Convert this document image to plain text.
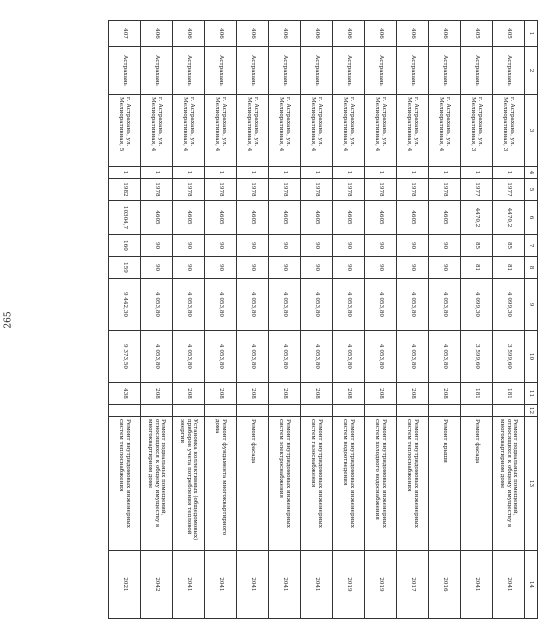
265
1	2	3	4	5	6	7	8	9	10	11	12	13	14
405	Астрахань	г. Астрахань, ул. Мелиоративная, 3	1	1977	4470,2	85	81	4 099,30	3 599,60	181		Ремонт подвальных помещений, относящихся к общему имуществу в многоквартирном доме	2041
405	Астрахань	г. Астрахань, ул. Мелиоративная, 3	1	1977	4470,2	85	81	4 099,30	3 599,60	181		Ремонт фасада	2041
406	Астрахань	г. Астрахань, ул. Мелиоративная, 4	1	1978	4605	90	90	4 053,80	4 053,80	208		Ремонт крыши	2016
406	Астрахань	г. Астрахань, ул. Мелиоративная, 4	1	1978	4605	90	90	4 053,80	4 053,80	208		Ремонт внутридомовых инженерных систем теплоснабжения	2017
406	Астрахань	г. Астрахань, ул. Мелиоративная, 4	1	1978	4605	90	90	4 053,80	4 053,80	208		Ремонт внутридомовых инженерных систем холодного водоснабжения	2019
406	Астрахань	г. Астрахань, ул. Мелиоративная, 4	1	1978	4605	90	90	4 053,80	4 053,80	208		Ремонт внутридомовых инженерных систем водоотведения	2019
406	Астрахань	г. Астрахань, ул. Мелиоративная, 4	1	1978	4605	90	90	4 053,80	4 053,80	208		Ремонт внутридомовых инженерных систем газоснабжения	2041
406	Астрахань	г. Астрахань, ул. Мелиоративная, 4	1	1978	4605	90	90	4 053,80	4 053,80	208		Ремонт внутридомовых инженерных систем электроснабжения	2041
406	Астрахань	г. Астрахань, ул. Мелиоративная, 4	1	1978	4605	90	90	4 053,80	4 053,80	208		Ремонт фасада	2041
406	Астрахань	г. Астрахань, ул. Мелиоративная, 4	1	1978	4605	90	90	4 053,80	4 053,80	208		Ремонт фундамента многоквартирного дома	2041
406	Астрахань	г. Астрахань, ул. Мелиоративная, 4	1	1978	4605	90	90	4 053,80	4 053,80	208		Установка коллективных (общедомовых) приборов учета потребления тепловой энергии	2041
406	Астрахань	г. Астрахань, ул. Мелиоративная, 4	1	1978	4605	90	90	4 053,80	4 053,80	208		Ремонт подвальных помещений, относящихся к общему имуществу в многоквартирном доме	2042
407	Астрахань	г. Астрахань, ул. Мелиоративная, 5	1	1982	10304,7	160	159	9 442,30	9 373,50	438		Ремонт внутридомовых инженерных систем теплоснабжения	2021
